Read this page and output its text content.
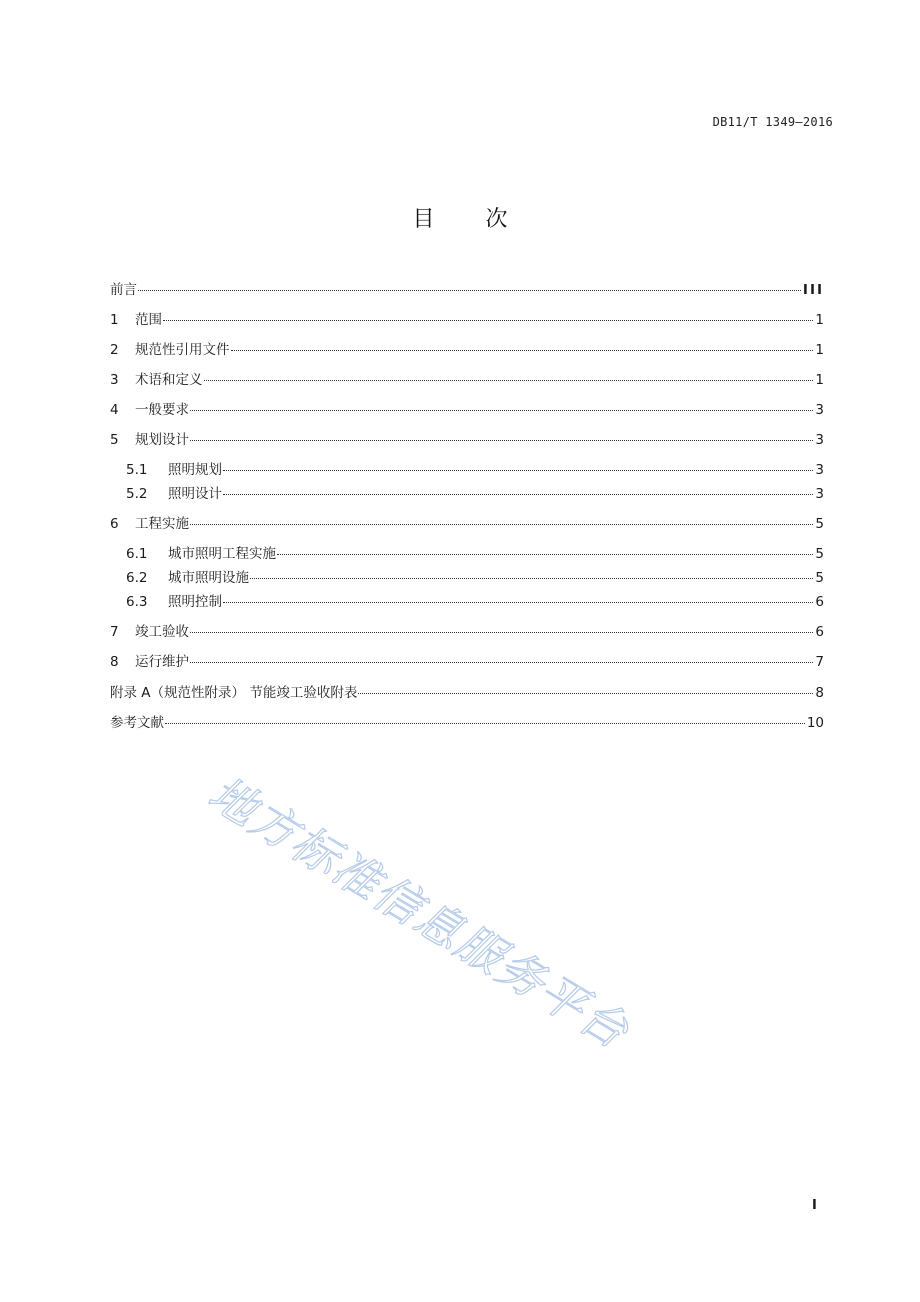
DB11/T 1349—2016
目 次
前言	III
1	范围	1
2	规范性引用文件	1
3	术语和定义	1
4	一般要求	3
5	规划设计	3
5.1	照明规划	3
5.2	照明设计	3
6	工程实施	5
6.1	城市照明工程实施	5
6.2	城市照明设施	5
6.3	照明控制	6
7	竣工验收	6
8	运行维护	7
附录 A（规范性附录） 节能竣工验收附表	8
参考文献	10
地方标准信息服务平台
I
